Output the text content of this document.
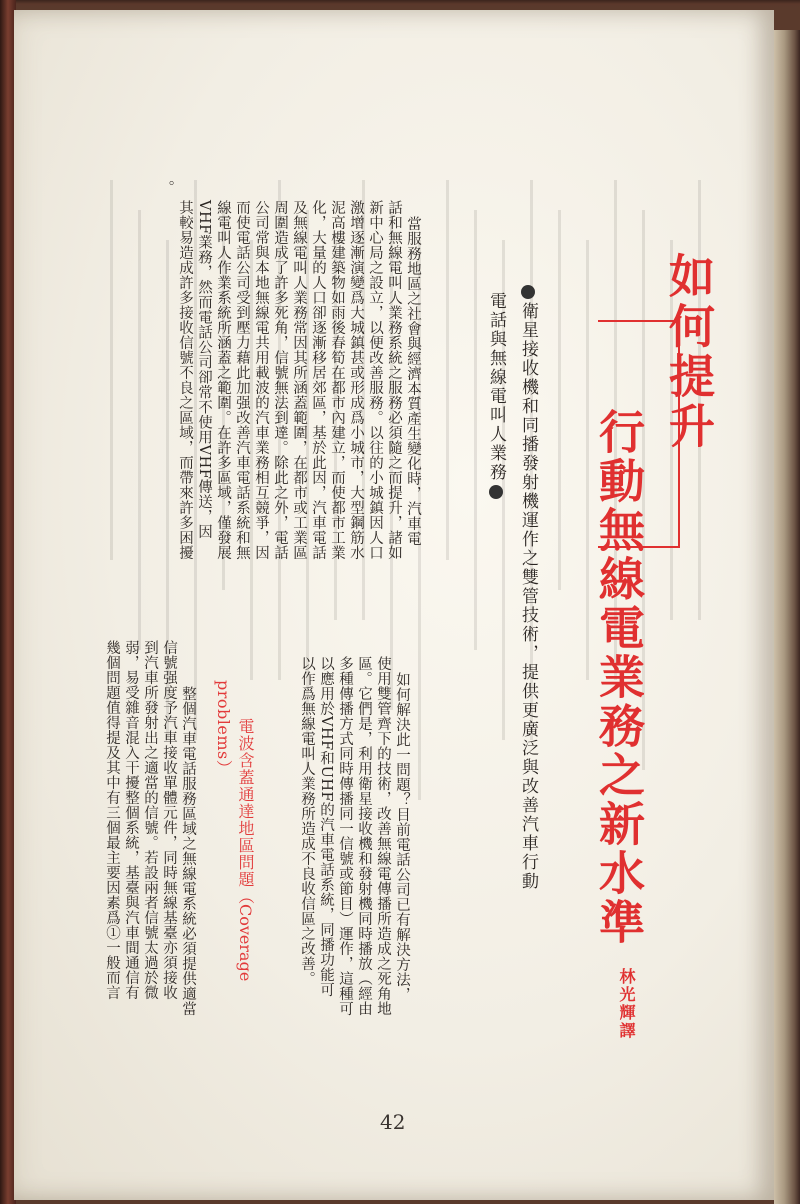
如何提升
行動無線電業務之新水準
衛星接收機和同播發射機運作之雙管技術，提供更廣泛與改善汽車行動
電話與無線電叫人業務
林光輝譯
當服務地區之社會與經濟本質產生變化時，汽車電
話和無線電叫人業務系統之服務必須隨之而提升，諸如
新中心局之設立，以便改善服務。以往的小城鎮因人口
激增逐漸演變爲大城鎮甚或形成爲小城市，大型鋼筋水
泥高樓建築物如雨後春筍在都市內建立，而使都市工業
化，大量的人口卻逐漸移居郊區，基於此因，汽車電話
及無線電叫人業務常因其所涵蓋範圍，在都市或工業區
周圍造成了許多死角，信號無法到達。除此之外，電話
公司常與本地無線電共用載波的汽車業務相互競爭，因
而使電話公司受到壓力藉此加强改善汽車電話系統和無
線電叫人作業系統所涵蓋之範圍。在許多區域，僅發展
VHF業務，然而電話公司卻常不使用VHF傳送，因
其較易造成許多接收信號不良之區域，而帶來許多困擾
。
如何解決此一問題？目前電話公司已有解決方法，
使用雙管齊下的技術，改善無線電傳播所造成之死角地
區。它們是，利用衛星接收機和發射機同時播放（經由
多種傳播方式同時傳播同一信號或節目）運作，這種可
以應用於VHF和UHF的汽車電話系統，同播功能可
以作爲無線電叫人業務所造成不良收信區之改善。
電波含蓋通達地區問題（Coverage
problems）
整個汽車電話服務區域之無線電系統必須提供適當
信號强度予汽車接收單體元件，同時無線基臺亦須接收
到汽車所發射出之適當的信號。若設兩者信號太過於微
弱，易受雜音混入干擾整個系統，基臺與汽車間通信有
幾個問題值得提及其中有三個最主要因素爲①一般而言
42
